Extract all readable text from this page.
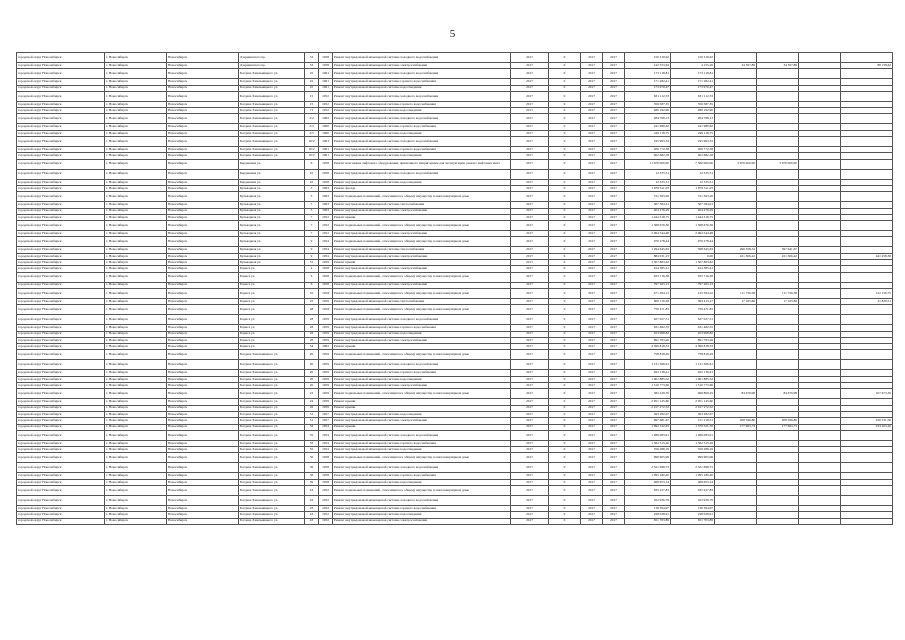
5
городской округ Новосибирск	г. Новосибирск	Новосибирск	Дзержинского пр.	33	1958	Ремонт внутридомовой инженерной системы холодного водоснабжения	2017	0	2017	2017	150 319,02	150 319,02				
городской округ Новосибирск	г. Новосибирск	Новосибирск	Дзержинского пр.	33	1958	Ремонт внутридомовой инженерной системы электроснабжения	2017	0	2017	2017	142 553,64	4 155,26	34 397,89	34 397,89		88 158,62
городской округ Новосибирск	г. Новосибирск	Новосибирск	Богдана Хмельницкого ул.	10	1961	Ремонт внутридомовой инженерной системы холодного водоснабжения	2017	0	2017	2017	173 118,81	173 118,81				
городской округ Новосибирск	г. Новосибирск	Новосибирск	Богдана Хмельницкого ул.	10	1961	Ремонт внутридомовой инженерной системы горячего водоснабжения	2017	0	2017	2017	171 282,41	171 282,41				
городской округ Новосибирск	г. Новосибирск	Новосибирск	Богдана Хмельницкого ул.	10	1961	Ремонт внутридомовой инженерной системы водоотведения	2017	0	2017	2017	173 970,47	173 970,47				
городской округ Новосибирск	г. Новосибирск	Новосибирск	Богдана Хмельницкого ул.	15	1952	Ремонт внутридомовой инженерной системы холодного водоснабжения	2017	0	2017	2017	631 112,53	631 112,53				
городской округ Новосибирск	г. Новосибирск	Новосибирск	Богдана Хмельницкого ул.	15	1952	Ремонт внутридомовой инженерной системы горячего водоснабжения	2017	0	2017	2017	356 587,35	356 587,35				
городской округ Новосибирск	г. Новосибирск	Новосибирск	Богдана Хмельницкого ул.	71	1952	Ремонт внутридомовой инженерной системы водоотведения	2017	0	2017	2017	280 192,96	280 192,96				
городской округ Новосибирск	г. Новосибирск	Новосибирск	Богдана Хмельницкого ул.	2/2	1962	Ремонт внутридомовой инженерной системы холодного водоснабжения	2017	0	2017	2017	284 798,13	284 798,13				
городской округ Новосибирск	г. Новосибирск	Новосибирск	Богдана Хмельницкого ул.	2/3	1960	Ремонт внутридомовой инженерной системы горячего водоснабжения	2017	0	2017	2017	241 980,62	241 980,62				
городской округ Новосибирск	г. Новосибирск	Новосибирск	Богдана Хмельницкого ул.	2/3	1960	Ремонт внутридомовой инженерной системы водоотведения	2017	0	2017	2017	249 118,75	249 118,75				
городской округ Новосибирск	г. Новосибирск	Новосибирск	Богдана Хмельницкого ул.	10/2	1961	Ремонт внутридомовой инженерной системы холодного водоснабжения	2017	0	2017	2017	195 963,33	195 963,33				
городской округ Новосибирск	г. Новосибирск	Новосибирск	Богдана Хмельницкого ул.	10/2	1961	Ремонт внутридомовой инженерной системы горячего водоснабжения	2017	0	2017	2017	206 772,58	206 772,58				
городской округ Новосибирск	г. Новосибирск	Новосибирск	Богдана Хмельницкого ул.	10/2	1961	Ремонт внутридомовой инженерной системы водоотведения	2017	0	2017	2017	402 682,18	402 682,18				
городской округ Новосибирск	г. Новосибирск	Новосибирск	Бердышева ул.	6	1958	Ремонт или замена лифтового оборудования, признанного непригодным для эксплуатации, ремонт лифтовых шахт	2017	0	2017	2017	11 670 000,00	7 560 000,00	3 970 000,00	3 970 000,00		
городской округ Новосибирск	г. Новосибирск	Новосибирск	Бердышева ул.	10	1958	Ремонт внутридомовой инженерной системы холодного водоснабжения	2017	0	2017	2017	12 335,51	12 335,51				
городской округ Новосибирск	г. Новосибирск	Новосибирск	Бердышева ул.	10	1958	Ремонт внутридомовой инженерной системы водоотведения	2017	0	2017	2017	12 335,51	12 335,51				
городской округ Новосибирск	г. Новосибирск	Новосибирск	Бульварная ул.	3	1963	Ремонт фасада	2017	0	2017	2017	1 679 511,03	1 679 511,03				
городской округ Новосибирск	г. Новосибирск	Новосибирск	Бульварная ул.	5	1963	Ремонт подвальных помещений, относящихся к общему имуществу в многоквартирном доме	2017	0	2017	2017	721 363,26	721 363,26				
городской округ Новосибирск	г. Новосибирск	Новосибирск	Бульварная ул.	5	1963	Ремонт внутридомовой инженерной системы теплоснабжения	2017	0	2017	2017	507 584,01	507 584,01				
городской округ Новосибирск	г. Новосибирск	Новосибирск	Бульварная ул.	5	1963	Ремонт внутридомовой инженерной системы электроснабжения	2017	0	2017	2017	404 276,29	404 276,29				
городской округ Новосибирск	г. Новосибирск	Новосибирск	Бульварная ул.	7	1952	Ремонт крыши	2017	0	2017	2017	1 444 318,75	1 444 318,75				
городской округ Новосибирск	г. Новосибирск	Новосибирск	Бульварная ул.	7	1952	Ремонт подвальных помещений, относящихся к общему имуществу в многоквартирном доме	2017	0	2017	2017	1 368 676,36	1 368 676,36				
городской округ Новосибирск	г. Новосибирск	Новосибирск	Бульварная ул.	7	1952	Ремонт внутридомовой инженерной системы электроснабжения	2017	0	2017	2017	2 064 544,48	2 064 544,48				
городской округ Новосибирск	г. Новосибирск	Новосибирск	Бульварная ул.	9	1954	Ремонт подвальных помещений, относящихся к общему имуществу в многоквартирном доме	2017	0	2017	2017	970 278,44	970 278,44				
городской округ Новосибирск	г. Новосибирск	Новосибирск	Бульварная ул.	9	1954	Ремонт внутридомовой инженерной системы теплоснабжения	2017	0	2017	2017	1 294 645,63	398 645,63	296 358,33	597 641,67		
городской округ Новосибирск	г. Новосибирск	Новосибирск	Бульварная ул.	9	1954	Ремонт внутридомовой инженерной системы электроснабжения	2017	0	2017	2017	884 031,23	0,00	221 306,42	221 306,42		441 258,38
городской округ Новосибирск	г. Новосибирск	Новосибирск	Бульварная ул.	31	1959	Ремонт крыши	2017	0	2017	2017	1 507 863,62	1 507 863,62				
городской округ Новосибирск	г. Новосибирск	Новосибирск	Бориса ул.	4	1958	Ремонт внутридомовой инженерной системы электроснабжения	2017	0	2017	2017	614 385,21	614 385,21				
городской округ Новосибирск	г. Новосибирск	Новосибирск	Бориса ул.	6	1958	Ремонт подвальных помещений, относящихся к общему имуществу в многоквартирном доме	2017	0	2017	2017	933 716,38	933 716,38				
городской округ Новосибирск	г. Новосибирск	Новосибирск	Бориса ул.	6	1958	Ремонт внутридомовой инженерной системы электроснабжения	2017	0	2017	2017	797 263,13	797 263,13				
городской округ Новосибирск	г. Новосибирск	Новосибирск	Бориса ул.	10	1959	Ремонт подвальных помещений, относящихся к общему имуществу в многоквартирном доме	2017	0	2017	2017	471 264,13	125 594,22	111 756,58	111 756,58		122 156,75
городской округ Новосибирск	г. Новосибирск	Новосибирск	Бориса ул.	10	1959	Ремонт внутридомовой инженерной системы теплоснабжения	2017	0	2017	2017	600 116,26	393 413,17	17 165,66	17 165,66		31 826,51
городской округ Новосибирск	г. Новосибирск	Новосибирск	Бориса ул.	28	1959	Ремонт подвальных помещений, относящихся к общему имуществу в многоквартирном доме	2017	0	2017	2017	756 471,83	756 471,83				
городской округ Новосибирск	г. Новосибирск	Новосибирск	Бориса ул.	28	1959	Ремонт внутридомовой инженерной системы холодного водоснабжения	2017	0	2017	2017	627 027,51	627 027,51				
городской округ Новосибирск	г. Новосибирск	Новосибирск	Бориса ул.	28	1959	Ремонт внутридомовой инженерной системы горячего водоснабжения	2017	0	2017	2017	631 482,55	631 482,55				
городской округ Новосибирск	г. Новосибирск	Новосибирск	Бориса ул.	26	1959	Ремонт внутридомовой инженерной системы водоотведения	2017	0	2017	2017	453 968,82	453 968,82				
городской округ Новосибирск	г. Новосибирск	Новосибирск	Бориса ул.	26	1959	Ремонт внутридомовой инженерной системы электроснабжения	2017	0	2017	2017	891 763,26	891 763,26				
городской округ Новосибирск	г. Новосибирск	Новосибирск	Бориса ул.	54	1962	Ремонт крыши	2017	0	2017	2017	4 396 818,33	4 396 818,33				
городской округ Новосибирск	г. Новосибирск	Новосибирск	Богдана Хмельницкого ул.	20	1959	Ремонт подвальных помещений, относящихся к общему имуществу в многоквартирном доме	2017	0	2017	2017	758 818,29	758 818,29				
городской округ Новосибирск	г. Новосибирск	Новосибирск	Богдана Хмельницкого ул.	20	1959	Ремонт внутридомовой инженерной системы холодного водоснабжения	2017	0	2017	2017	1 131 366,61	1 131 366,61				
городской округ Новосибирск	г. Новосибирск	Новосибирск	Богдана Хмельницкого ул.	20	1959	Ремонт внутридомовой инженерной системы горячего водоснабжения	2017	0	2017	2017	922 138,41	922 138,41				
городской округ Новосибирск	г. Новосибирск	Новосибирск	Богдана Хмельницкого ул.	20	1959	Ремонт внутридомовой инженерной системы водоотведения	2017	0	2017	2017	1 001 885,52	1 001 885,52				
городской округ Новосибирск	г. Новосибирск	Новосибирск	Богдана Хмельницкого ул.	20	1959	Ремонт внутридомовой инженерной системы электроснабжения	2017	0	2017	2017	1 510 773,66	1 510 773,66				
городской округ Новосибирск	г. Новосибирск	Новосибирск	Богдана Хмельницкого ул.	22	1959	Ремонт подвальных помещений, относящихся к общему имуществу в многоквартирном доме	2017	0	2017	2017	582 229,76	466 809,25	84 676,98	84 676,98		107 673,39
городской округ Новосибирск	г. Новосибирск	Новосибирск	Богдана Хмельницкого ул.	24	1959	Ремонт крыши	2017	0	2017	2017	2 951 145,60	2 951 145,60				
городской округ Новосибирск	г. Новосибирск	Новосибирск	Богдана Хмельницкого ул.	26	1959	Ремонт крыши	2017	0	2017	2017	2 917 272,52	2 917 272,52				
городской округ Новосибирск	г. Новосибирск	Новосибирск	Богдана Хмельницкого ул.	31	1957	Ремонт внутридомовой инженерной системы водоотведения	2017	0	2017	2017	593 282,07	593 282,07				
городской округ Новосибирск	г. Новосибирск	Новосибирск	Богдана Хмельницкого ул.	31	1957	Ремонт внутридомовой инженерной системы электроснабжения	2017	0	2017	2017	997 681,67	151 218,51	208 596,80	208 596,80		430 531,56
городской округ Новосибирск	г. Новосибирск	Новосибирск	Богдана Хмельницкого ул.	34	1954	Ремонт крыши	2017	0	2017	2017	1 992 132,63	1 579 521,70	177 663,73	177 663,73		234 263,20
городской округ Новосибирск	г. Новосибирск	Новосибирск	Богдана Хмельницкого ул.	35	1954	Ремонт внутридомовой инженерной системы холодного водоснабжения	2017	0	2017	2017	1 286 083,91	1 286 083,91				
городской округ Новосибирск	г. Новосибирск	Новосибирск	Богдана Хмельницкого ул.	35	1954	Ремонт внутридомовой инженерной системы горячего водоснабжения	2017	0	2017	2017	1 362 515,26	1 362 515,26				
городской округ Новосибирск	г. Новосибирск	Новосибирск	Богдана Хмельницкого ул.	35	1954	Ремонт внутридомовой инженерной системы водоотведения	2017	0	2017	2017	356 286,19	356 286,19				
городской округ Новосибирск	г. Новосибирск	Новосибирск	Богдана Хмельницкого ул.	36	1958	Ремонт подвальных помещений, относящихся к общему имуществу в многоквартирном доме	2017	0	2017	2017	999 605,96	999 605,96				
городской округ Новосибирск	г. Новосибирск	Новосибирск	Богдана Хмельницкого ул.	36	1958	Ремонт внутридомовой инженерной системы холодного водоснабжения	2017	0	2017	2017	2 321 698,73	2 321 698,73				
городской округ Новосибирск	г. Новосибирск	Новосибирск	Богдана Хмельницкого ул.	36	1958	Ремонт внутридомовой инженерной системы горячего водоснабжения	2017	0	2017	2017	1 095 180,40	1 095 180,40				
городской округ Новосибирск	г. Новосибирск	Новосибирск	Богдана Хмельницкого ул.	39	1958	Ремонт внутридомовой инженерной системы водоотведения	2017	0	2017	2017	468 653,14	468 653,14				
городской округ Новосибирск	г. Новосибирск	Новосибирск	Богдана Хмельницкого ул.	43	1952	Ремонт подвальных помещений, относящихся к общему имуществу в многоквартирном доме	2017	0	2017	2017	635 227,83	635 227,83				
городской округ Новосибирск	г. Новосибирск	Новосибирск	Богдана Хмельницкого ул.	43	1952	Ремонт внутридомовой инженерной системы холодного водоснабжения	2017	0	2017	2017	102 936,79	102 936,79				
городской округ Новосибирск	г. Новосибирск	Новосибирск	Богдана Хмельницкого ул.	43	1952	Ремонт внутридомовой инженерной системы горячего водоснабжения	2017	0	2017	2017	136 394,97	136 394,97				
городской округ Новосибирск	г. Новосибирск	Новосибирск	Богдана Хмельницкого ул.	43	1952	Ремонт внутридомовой инженерной системы водоотведения	2017	0	2017	2017	198 028,91	198 028,91				
городской округ Новосибирск	г. Новосибирск	Новосибирск	Богдана Хмельницкого ул.	43	1952	Ремонт внутридомовой инженерной системы электроснабжения	2017	0	2017	2017	651 703,89	651 703,89				
